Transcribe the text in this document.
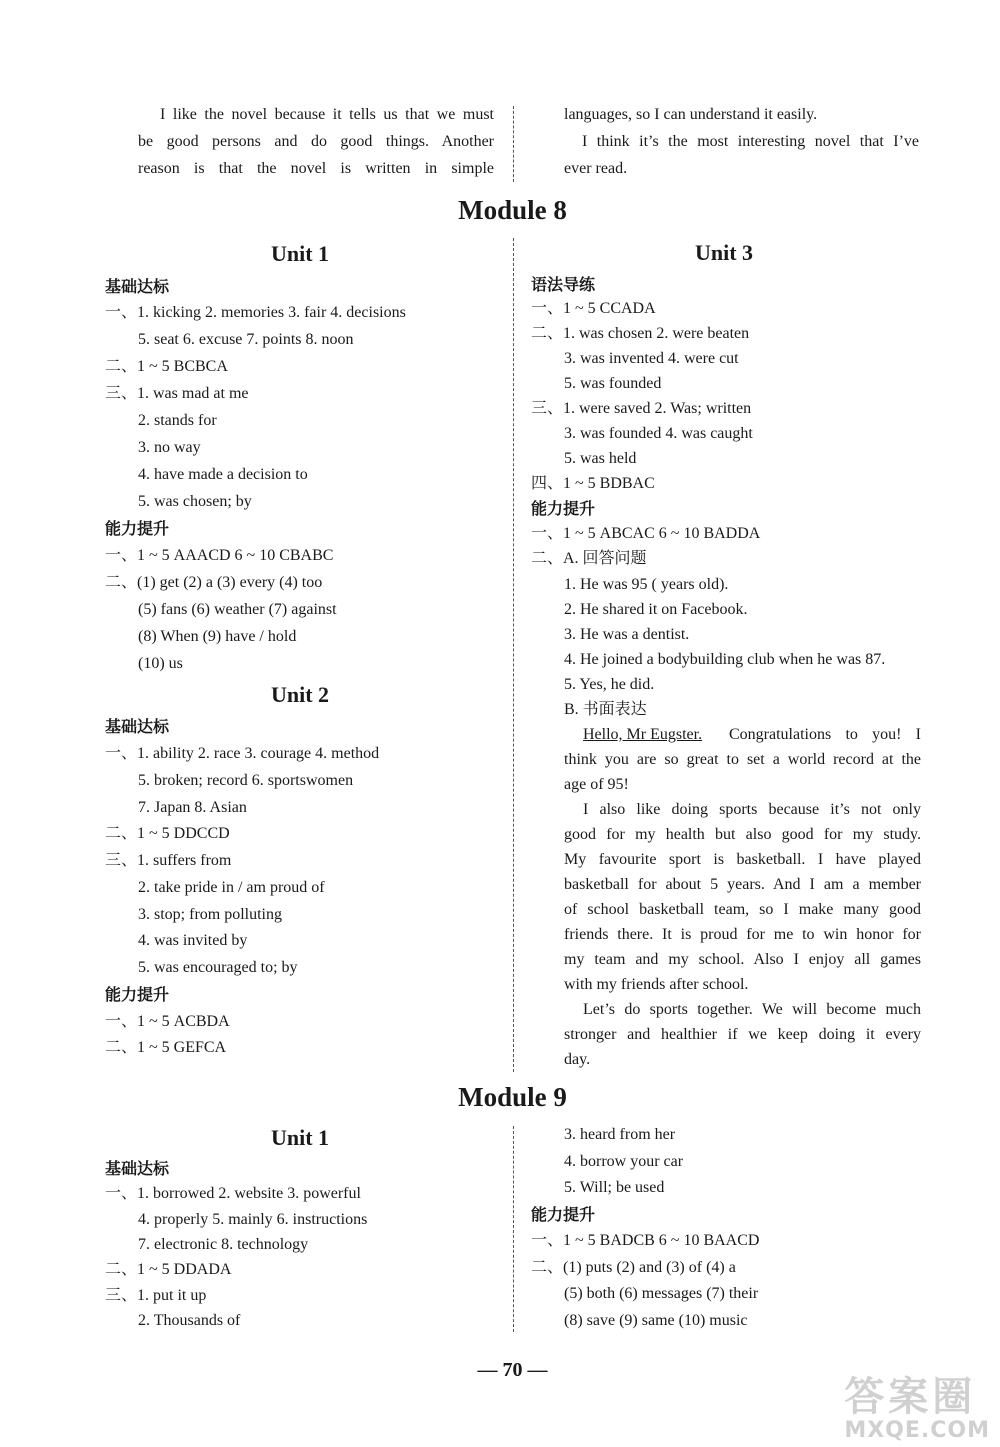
I like the novel because it tells us that we must
be good persons and do good things. Another
reason is that the novel is written in simple
languages, so I can understand it easily.
I think it’s the most interesting novel that I’ve
ever read.
Module 8
Unit 1
基础达标
一、1. kicking 2. memories 3. fair 4. decisions
5. seat 6. excuse 7. points 8. noon
二、1 ~ 5 BCBCA
三、1. was mad at me
2. stands for
3. no way
4. have made a decision to
5. was chosen; by
能力提升
一、1 ~ 5 AAACD 6 ~ 10 CBABC
二、(1) get (2) a (3) every (4) too
(5) fans (6) weather (7) against
(8) When (9) have / hold
(10) us
Unit 2
基础达标
一、1. ability 2. race 3. courage 4. method
5. broken; record 6. sportswomen
7. Japan 8. Asian
二、1 ~ 5 DDCCD
三、1. suffers from
2. take pride in / am proud of
3. stop; from polluting
4. was invited by
5. was encouraged to; by
能力提升
一、1 ~ 5 ACBDA
二、1 ~ 5 GEFCA
Unit 3
语法导练
一、1 ~ 5 CCADA
二、1. was chosen 2. were beaten
3. was invented 4. were cut
5. was founded
三、1. were saved 2. Was; written
3. was founded 4. was caught
5. was held
四、1 ~ 5 BDBAC
能力提升
一、1 ~ 5 ABCAC 6 ~ 10 BADDA
二、A. 回答问题
1. He was 95 ( years old).
2. He shared it on Facebook.
3. He was a dentist.
4. He joined a bodybuilding club when he was 87.
5. Yes, he did.
B. 书面表达
Hello, Mr Eugster. Congratulations to you! I
think you are so great to set a world record at the
age of 95!
I also like doing sports because it’s not only
good for my health but also good for my study.
My favourite sport is basketball. I have played
basketball for about 5 years. And I am a member
of school basketball team, so I make many good
friends there. It is proud for me to win honor for
my team and my school. Also I enjoy all games
with my friends after school.
Let’s do sports together. We will become much
stronger and healthier if we keep doing it every
day.
Module 9
Unit 1
基础达标
一、1. borrowed 2. website 3. powerful
4. properly 5. mainly 6. instructions
7. electronic 8. technology
二、1 ~ 5 DDADA
三、1. put it up
2. Thousands of
3. heard from her
4. borrow your car
5. Will; be used
能力提升
一、1 ~ 5 BADCB 6 ~ 10 BAACD
二、(1) puts (2) and (3) of (4) a
(5) both (6) messages (7) their
(8) save (9) same (10) music
— 70 —
答案圈
MXQE.COM
